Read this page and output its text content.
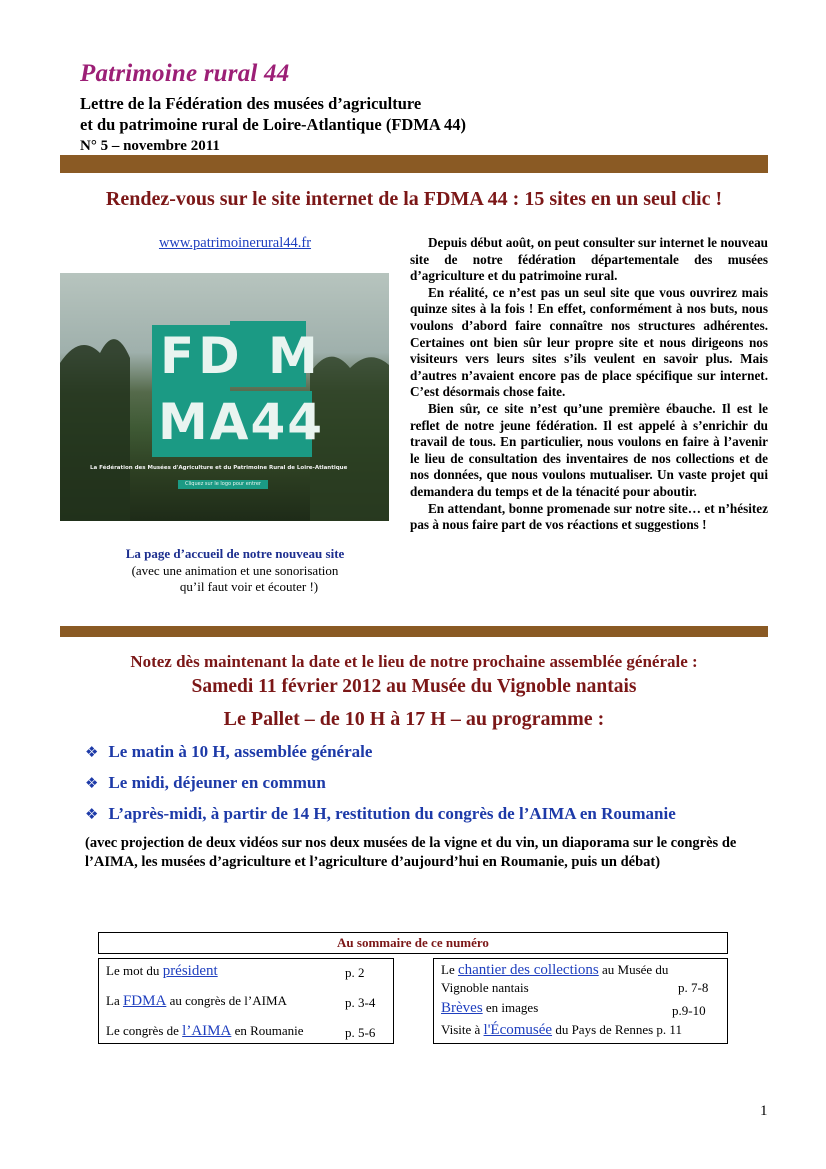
Patrimoine rural 44
Lettre de la Fédération des musées d’agriculture
et du patrimoine rural de Loire-Atlantique (FDMA 44)
N° 5 – novembre 2011
Rendez-vous sur le site internet de la FDMA 44 : 15 sites en un seul clic !
www.patrimoinerural44.fr
FD M
MA44
La Fédération des Musées d'Agriculture et du Patrimoine Rural de Loire-Atlantique
Cliquez sur le logo pour entrer
La page d’accueil de notre nouveau site
(avec une animation et une sonorisation
qu’il faut voir et écouter !)

Depuis début août, on peut consulter sur internet le nouveau site de notre fédération départementale des musées d’agriculture et du patrimoine rural.

En réalité, ce n’est pas un seul site que vous ouvrirez mais quinze sites à la fois ! En effet, conformément à nos buts, nous voulons d’abord faire connaître nos structures adhérentes. Certaines ont bien sûr leur propre site et nous dirigeons nos visiteurs vers leurs sites s’ils veulent en savoir plus. Mais d’autres n’avaient encore pas de place spécifique sur internet. C’est désormais chose faite.

Bien sûr, ce site n’est qu’une première ébauche. Il est le reflet de notre jeune fédération. Il est appelé à s’enrichir du travail de tous. En particulier, nous voulons en faire à l’avenir le lieu de consultation des inventaires de nos collections et de nos données, que nous voulons mutualiser. Un vaste projet qui demandera du temps et de la ténacité pour aboutir.

En attendant, bonne promenade sur notre site… et n’hésitez pas à nous faire part de vos réactions et suggestions !

Notez dès maintenant la date et le lieu de notre prochaine assemblée générale :
Samedi 11 février 2012 au Musée du Vignoble nantais
Le Pallet – de 10 H à 17 H – au programme :
❖ Le matin à 10 H, assemblée générale
❖ Le midi, déjeuner en commun
❖ L’après-midi, à partir de 14 H, restitution du congrès de l’AIMA en Roumanie
(avec projection de deux vidéos sur nos deux musées de la vigne et du vin, un diaporama sur le congrès de l’AIMA, les musées d’agriculture et l’agriculture d’aujourd’hui en Roumanie, puis un débat)
Au sommaire de ce numéro
Le mot du président	p. 2
La FDMA au congrès de l’AIMA	p. 3-4
Le congrès de l’AIMA en Roumanie	p. 5-6
Le chantier des collections au Musée du
Vignoble nantais	p. 7-8
Brèves en images	p.9-10
Visite à l'Écomusée du Pays de Rennes p. 11
1
